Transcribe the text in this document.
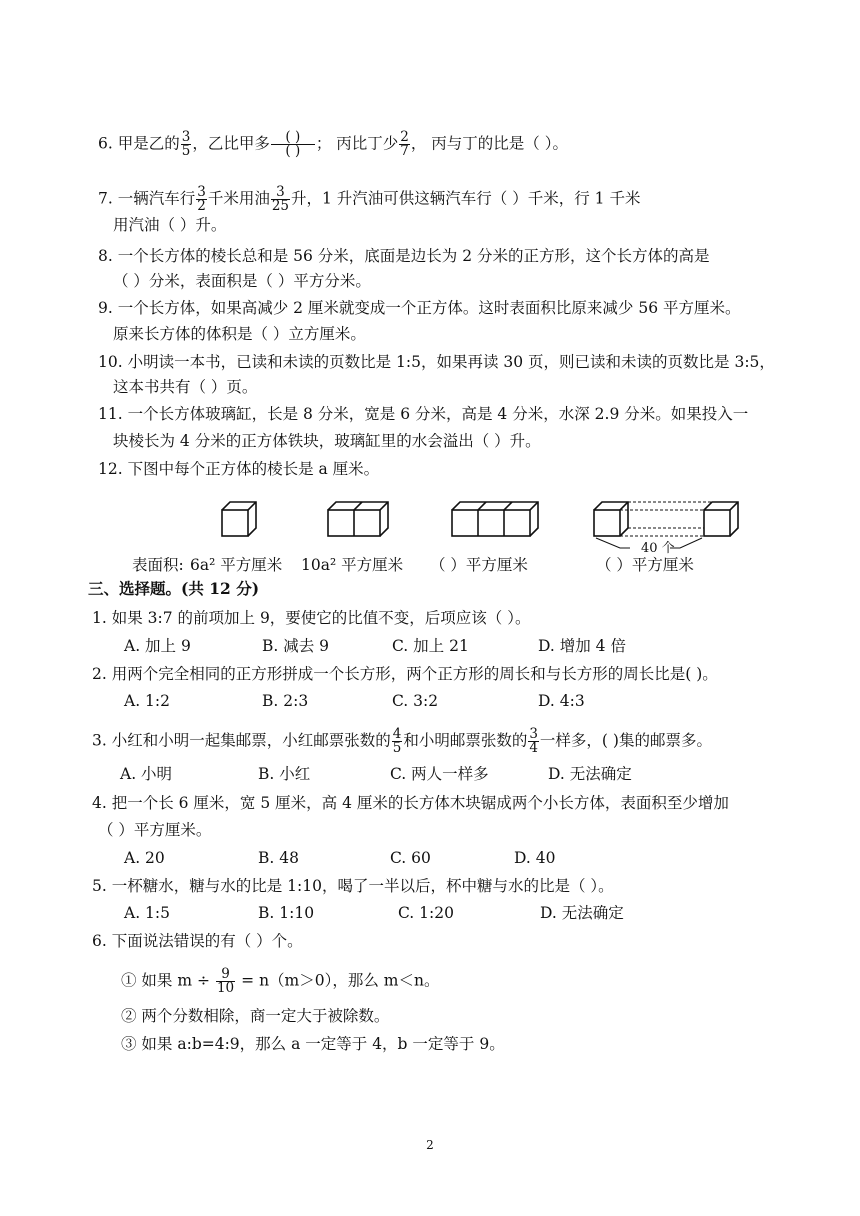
6. 甲是乙的 $\frac{3}{5}$ ，乙比甲多 $\frac{( )}{( )}$ ； 丙比丁少 $\frac{2}{7}$ ， 丙与丁的比是（ ）。
7. 一辆汽车行 $\frac{3}{2}$ 千米用油 $\frac{3}{25}$ 升，1 升汽油可供这辆汽车行（ ）千米，行 1 千米
用汽油（ ）升。
8. 一个长方体的棱长总和是 56 分米，底面是边长为 2 分米的正方形，这个长方体的高是
（ ）分米，表面积是（ ）平方分米。
9. 一个长方体，如果高减少 2 厘米就变成一个正方体。这时表面积比原来减少 56 平方厘米。
原来长方体的体积是（ ）立方厘米。
10. 小明读一本书，已读和未读的页数比是 1:5，如果再读 30 页，则已读和未读的页数比是 3:5，
这本书共有（ ）页。
11. 一个长方体玻璃缸，长是 8 分米，宽是 6 分米，高是 4 分米，水深 2.9 分米。如果投入一
块棱长为 4 分米的正方体铁块，玻璃缸里的水会溢出（ ）升。
12. 下图中每个正方体的棱长是 a 厘米。
40 个
表面积: 6a² 平方厘米 10a² 平方厘米 （ ）平方厘米	（ ）平方厘米
三、选择题。(共 12 分)
1. 如果 3:7 的前项加上 9，要使它的比值不变，后项应该（ ）。
A. 加上 9	B. 减去 9	C. 加上 21	D. 增加 4 倍
2. 用两个完全相同的正方形拼成一个长方形，两个正方形的周长和与长方形的周长比是( )。
A. 1:2	B. 2:3	C. 3:2	D. 4:3
3. 小红和小明一起集邮票，小红邮票张数的 $\frac{4}{5}$ 和小明邮票张数的 $\frac{3}{4}$ 一样多，( )集的邮票多。
A. 小明	B. 小红	C. 两人一样多	D. 无法确定
4. 把一个长 6 厘米，宽 5 厘米，高 4 厘米的长方体木块锯成两个小长方体，表面积至少增加
（ ）平方厘米。
A. 20	B. 48	C. 60	D. 40
5. 一杯糖水，糖与水的比是 1:10，喝了一半以后，杯中糖与水的比是（ ）。
A. 1:5	B. 1:10	C. 1:20	D. 无法确定
6. 下面说法错误的有（ ）个。
① 如果 $m \div \frac{9}{10} = n(m>0)$，那么 m＜n。
② 两个分数相除，商一定大于被除数。
③ 如果 a:b=4:9，那么 a 一定等于 4，b 一定等于 9。
2
